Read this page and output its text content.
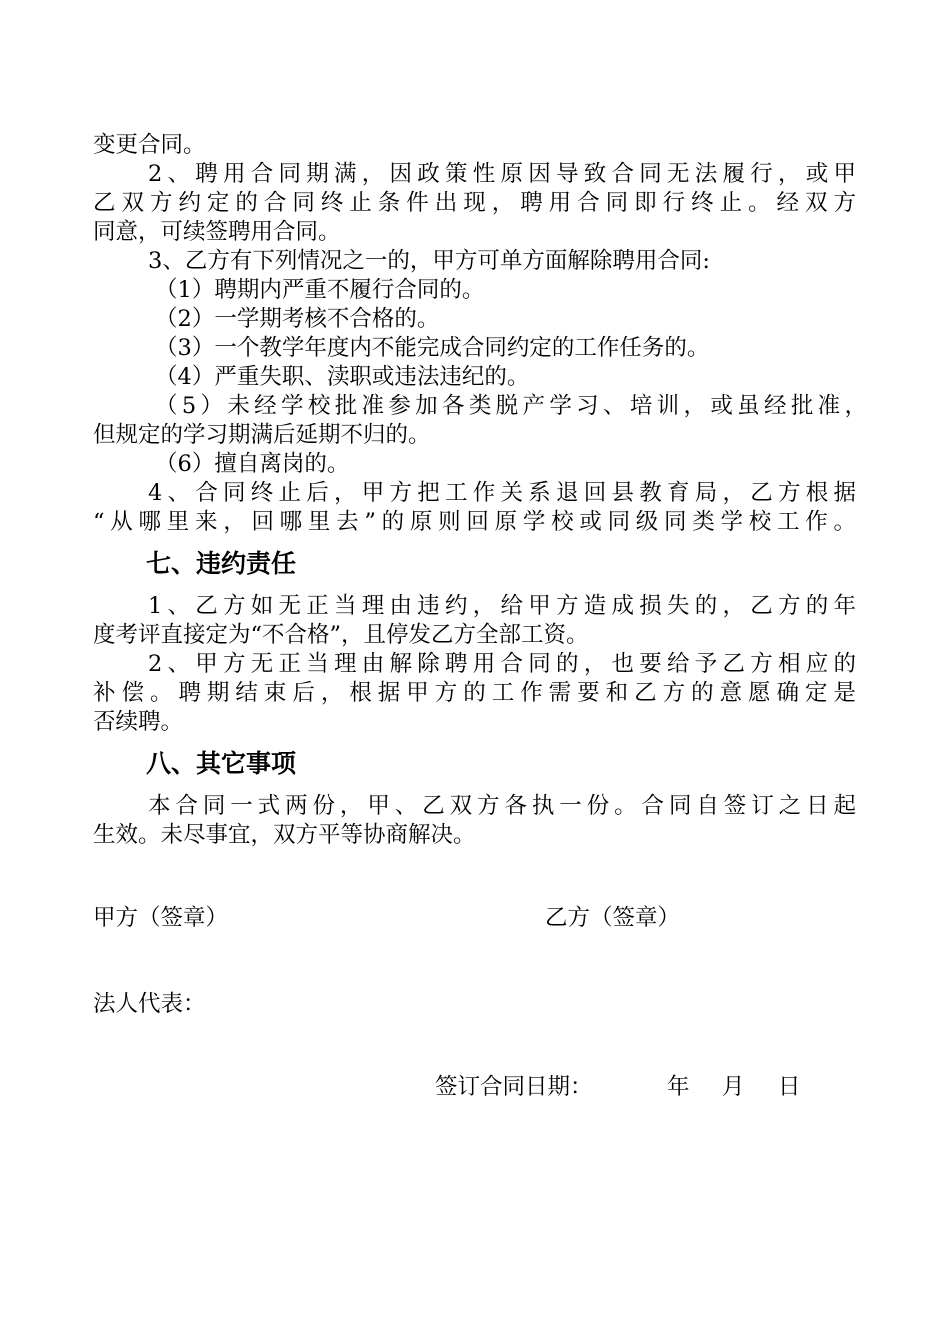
变更合同。
2、聘用合同期满，因政策性原因导致合同无法履行，或甲
乙双方约定的合同终止条件出现，聘用合同即行终止。经双方
同意，可续签聘用合同。
3、乙方有下列情况之一的，甲方可单方面解除聘用合同:
（1）聘期内严重不履行合同的。
（2）一学期考核不合格的。
（3）一个教学年度内不能完成合同约定的工作任务的。
（4）严重失职、渎职或违法违纪的。
（5）未经学校批准参加各类脱产学习、培训，或虽经批准，
但规定的学习期满后延期不归的。
（6）擅自离岗的。
4、合同终止后，甲方把工作关系退回县教育局，乙方根据
“从哪里来，回哪里去”的原则回原学校或同级同类学校工作。
七、违约责任
1、乙方如无正当理由违约，给甲方造成损失的，乙方的年
度考评直接定为“不合格”，且停发乙方全部工资。
2、甲方无正当理由解除聘用合同的，也要给予乙方相应的
补偿。聘期结束后，根据甲方的工作需要和乙方的意愿确定是
否续聘。
八、其它事项
本合同一式两份，甲、乙双方各执一份。合同自签订之日起
生效。未尽事宜，双方平等协商解决。
甲方（签章）	乙方（签章）
法人代表：
签订合同日期：	年	月	日
